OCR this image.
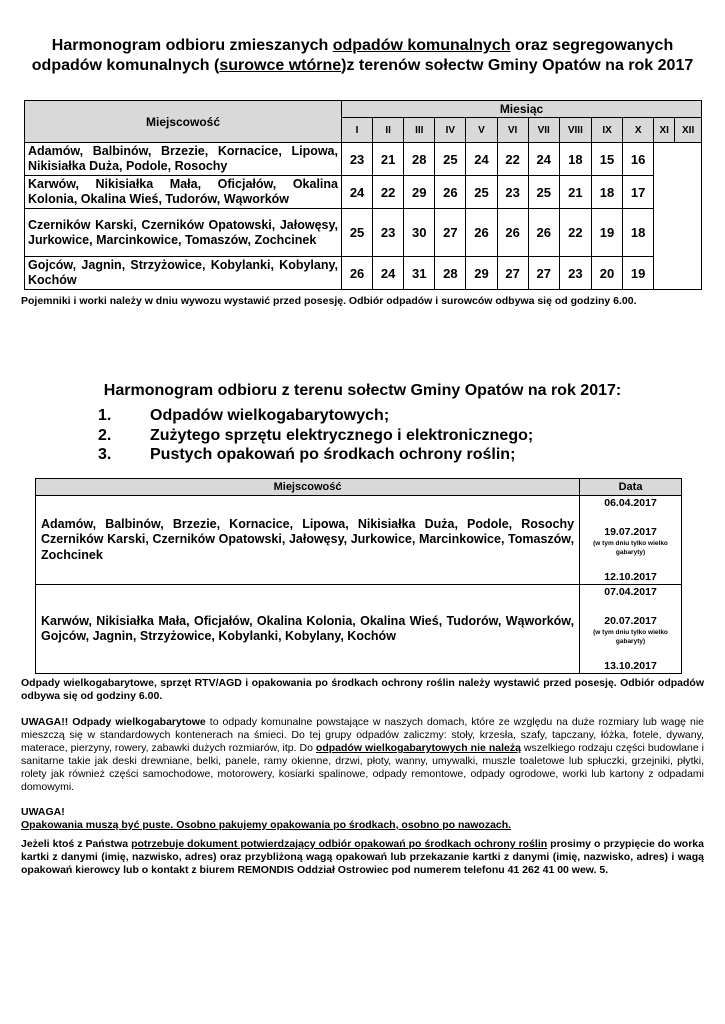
Harmonogram odbioru zmieszanych odpadów komunalnych oraz segregowanych odpadów komunalnych (surowce wtórne)z terenów sołectw Gminy Opatów na rok 2017
Miejscowość	Miesiąc											
	I	II	III	IV	V	VI	VII	VIII	IX	X	XI	XII
Adamów, Balbinów, Brzezie, Kornacice, Lipowa, Nikisiałka Duża, Podole, Rosochy	23	21	28	25	24	22	24	18	15	16		
Karwów, Nikisiałka Mała, Oficjałów, Okalina Kolonia, Okalina Wieś, Tudorów, Wąworków	24	22	29	26	25	23	25	21	18	17		
Czerników Karski, Czerników Opatowski, Jałowęsy, Jurkowice, Marcinkowice, Tomaszów, Zochcinek	25	23	30	27	26	26	26	22	19	18		
Gojców, Jagnin, Strzyżowice, Kobylanki, Kobylany, Kochów	26	24	31	28	29	27	27	23	20	19		
Pojemniki i worki należy w dniu wywozu wystawić przed posesję. Odbiór odpadów i surowców odbywa się od godziny 6.00.
Harmonogram odbioru z terenu sołectw Gminy Opatów na rok 2017:
1. Odpadów wielkogabarytowych;
2. Zużytego sprzętu elektrycznego i elektronicznego;
3. Pustych opakowań po środkach ochrony roślin;
Miejscowość	Data
Adamów, Balbinów, Brzezie, Kornacice, Lipowa, Nikisiałka Duża, Podole, Rosochy Czerników Karski, Czerników Opatowski, Jałowęsy, Jurkowice, Marcinkowice, Tomaszów, Zochcinek	06.04.2017
19.07.2017
(w tym dniu tylko wielko gabaryty)
12.10.2017

Karwów, Nikisiałka Mała, Oficjałów, Okalina Kolonia, Okalina Wieś, Tudorów, Wąworków, Gojców, Jagnin, Strzyżowice, Kobylanki, Kobylany, Kochów	07.04.2017
20.07.2017
(w tym dniu tylko wielko gabaryty)
13.10.2017
Odpady wielkogabarytowe, sprzęt RTV/AGD i opakowania po środkach ochrony roślin należy wystawić przed posesję. Odbiór odpadów odbywa się od godziny 6.00.
UWAGA!! Odpady wielkogabarytowe to odpady komunalne powstające w naszych domach, które ze względu na duże rozmiary lub wagę nie mieszczą się w standardowych kontenerach na śmieci. Do tej grupy odpadów zaliczmy: stoły, krzesła, szafy, tapczany, łóżka, fotele, dywany, materace, pierzyny, rowery, zabawki dużych rozmiarów, itp. Do odpadów wielkogabarytowych nie należą wszelkiego rodzaju części budowlane i sanitarne takie jak deski drewniane, belki, panele, ramy okienne, drzwi, płoty, wanny, umywalki, muszle toaletowe lub spłuczki, grzejniki, płytki, rolety jak również części samochodowe, motorowery, kosiarki spalinowe, odpady remontowe, odpady ogrodowe, worki lub kartony z odpadami domowymi.
UWAGA!
Opakowania muszą być puste. Osobno pakujemy opakowania po środkach, osobno po nawozach.
Jeżeli ktoś z Państwa potrzebuje dokument potwierdzający odbiór opakowań po środkach ochrony roślin prosimy o przypięcie do worka kartki z danymi (imię, nazwisko, adres) oraz przybliżoną wagą opakowań lub przekazanie kartki z danymi (imię, nazwisko, adres) i wagą opakowań kierowcy lub o kontakt z biurem REMONDIS Oddział Ostrowiec pod numerem telefonu 41 262 41 00 wew. 5.
